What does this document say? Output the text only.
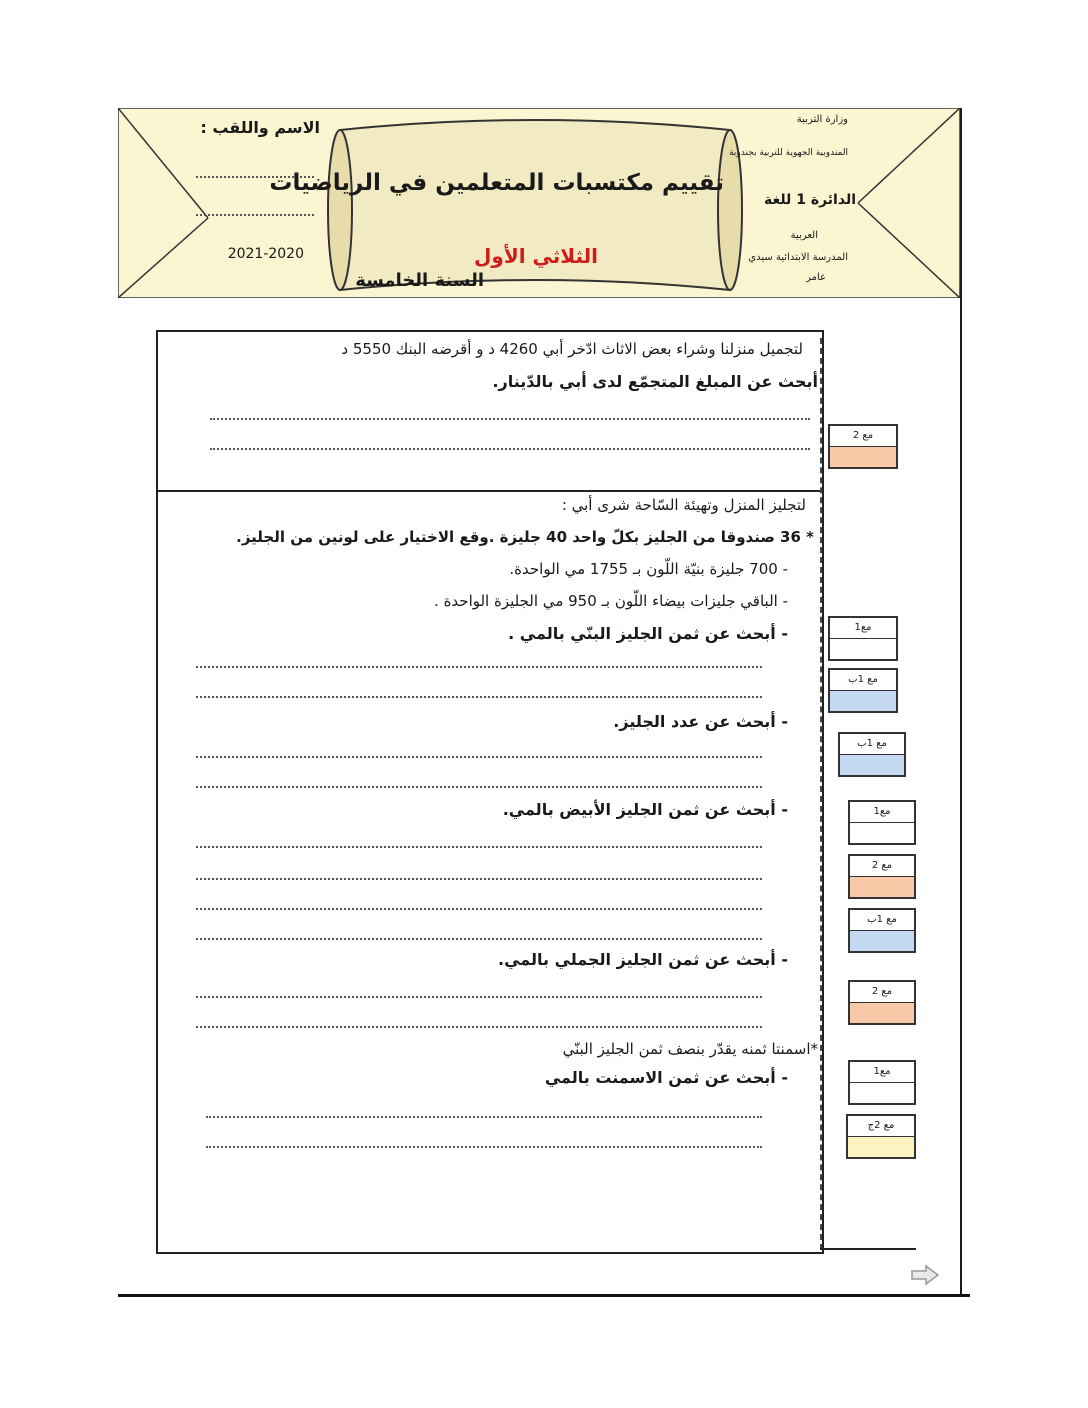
وزارة التربية
المندوبية الجهوية للتربية بجندوبة
الدائرة 1 للغة
العربية
المدرسة الابتدائية سيدي
عامر
الاسم واللقب :
2021-2020
تقييم مكتسبات المتعلمين في الرياضيات
الثلاثي الأول
السنة الخامسة
لتجميل منزلنا وشراء بعض الاثاث ادّخر أبي 4260 د و أقرضه البنك 5550 د
أبحث عن المبلغ المتجمّع لدى أبي بالدّينار.
لتجليز المنزل وتهيئة السّاحة شرى أبي :
* 36 صندوقا من الجليز بكلّ واحد 40 جليزة .وقع الاختيار على لونين من الجليز.
- 700 جليزة بنيّة اللّون بـ 1755 مي الواحدة.
- الباقي جليزات بيضاء اللّون بـ 950 مي الجليزة الواحدة .
- أبحث عن ثمن الجليز البنّي بالمي .
- أبحث عن عدد الجليز.
- أبحث عن ثمن الجليز الأبيض بالمي.
- أبحث عن ثمن الجليز الجملي بالمي.
*اسمنتا ثمنه يقدّر بنصف ثمن الجليز البنّي
- أبحث عن ثمن الاسمنت بالمي
مع 2
مع1
مع 1ب
مع 1ب
مع1
مع 2
مع 1ب
مع 2
مع1
مع 2ج
